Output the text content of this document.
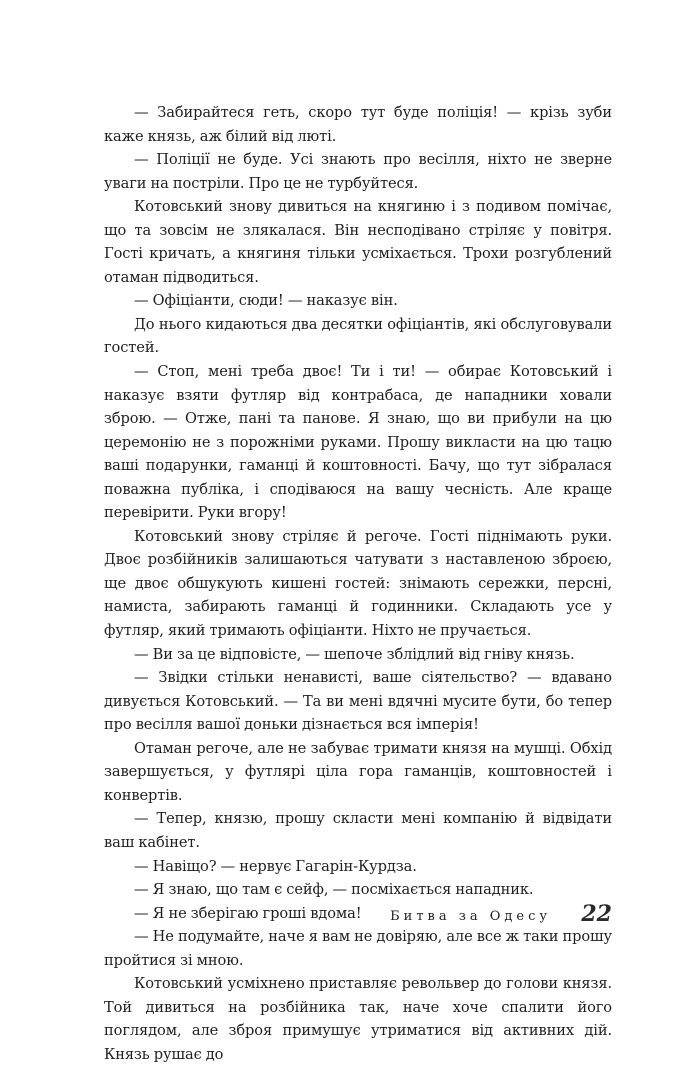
— Забирайтеся геть, скоро тут буде поліція! — крізь зуби каже князь, аж білий від люті.

— Поліції не буде. Усі знають про весілля, ніхто не зверне уваги на постріли. Про це не турбуйтеся.

Котовський знову дивиться на княгиню і з подивом помічає, що та зовсім не злякалася. Він несподівано стріляє у повітря. Гості кричать, а княгиня тільки усміхається. Трохи розгублений отаман підводиться.

— Офіціанти, сюди! — наказує він.

До нього кидаються два десятки офіціантів, які обслуговували гостей.

— Стоп, мені треба двоє! Ти і ти! — обирає Котовський і наказує взяти футляр від контрабаса, де нападники ховали зброю. — Отже, пані та панове. Я знаю, що ви прибули на цю церемонію не з порожніми руками. Прошу викласти на цю тацю ваші подарунки, гаманці й коштовності. Бачу, що тут зібралася поважна публіка, і сподіваюся на вашу чесність. Але краще перевірити. Руки вгору!

Котовський знову стріляє й регоче. Гості піднімають руки. Двоє розбійників залишаються чатувати з наставленою зброєю, ще двоє обшукують кишені гостей: знімають сережки, персні, намиста, забирають гаманці й годинники. Складають усе у футляр, який тримають офіціанти. Ніхто не пручається.

— Ви за це відповісте, — шепоче зблідлий від гніву князь.

— Звідки стільки ненависті, ваше сіятельство? — вдавано дивується Котовський. — Та ви мені вдячні мусите бути, бо тепер про весілля вашої доньки дізнається вся імперія!

Отаман регоче, але не забуває тримати князя на мушці. Обхід завершується, у футлярі ціла гора гаманців, коштовностей і конвертів.

— Тепер, князю, прошу скласти мені компанію й відвідати ваш кабінет.

— Навіщо? — нервує Гагарін-Курдза.

— Я знаю, що там є сейф, — посміхається нападник.

— Я не зберігаю гроші вдома!

— Не подумайте, наче я вам не довіряю, але все ж таки прошу пройтися зі мною.

Котовський усміхнено приставляє револьвер до голови князя. Той дивиться на розбійника так, наче хоче спалити його поглядом, але зброя примушує утриматися від активних дій. Князь рушає до

Битва за Одесу 22
